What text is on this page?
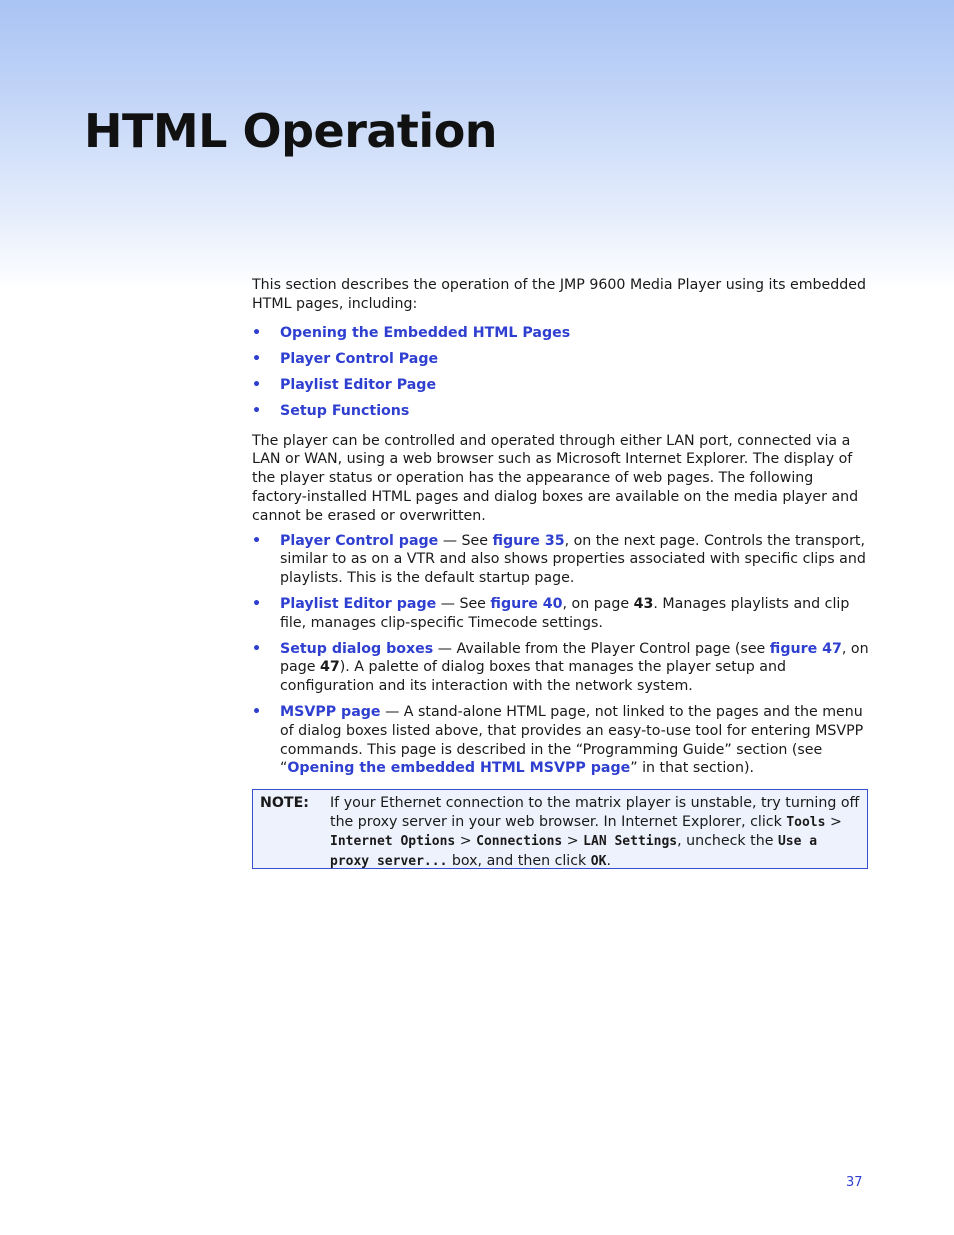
HTML Operation

This section describes the operation of the JMP 9600 Media Player using its embedded HTML pages, including:

• Opening the Embedded HTML Pages
• Player Control Page
• Playlist Editor Page
• Setup Functions

The player can be controlled and operated through either LAN port, connected via a LAN or WAN, using a web browser such as Microsoft Internet Explorer. The display of the player status or operation has the appearance of web pages. The following factory-installed HTML pages and dialog boxes are available on the media player and cannot be erased or overwritten.

• Player Control page — See figure 35, on the next page. Controls the transport, similar to as on a VTR and also shows properties associated with specific clips and playlists. This is the default startup page.
• Playlist Editor page — See figure 40, on page 43. Manages playlists and clip file, manages clip-specific Timecode settings.
• Setup dialog boxes — Available from the Player Control page (see figure 47, on page 47). A palette of dialog boxes that manages the player setup and configuration and its interaction with the network system.
• MSVPP page — A stand-alone HTML page, not linked to the pages and the menu of dialog boxes listed above, that provides an easy-to-use tool for entering MSVPP commands. This page is described in the “Programming Guide” section (see “Opening the embedded HTML MSVPP page” in that section).
NOTE: If your Ethernet connection to the matrix player is unstable, try turning off the proxy server in your web browser. In Internet Explorer, click Tools > Internet Options > Connections > LAN Settings, uncheck the Use a proxy server... box, and then click OK.
37
